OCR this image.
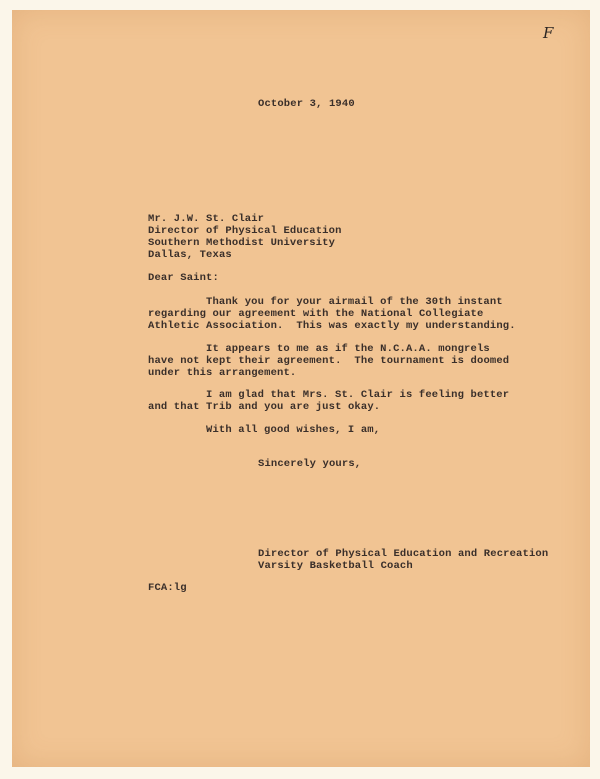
F
October 3, 1940
Mr. J.W. St. Clair
Director of Physical Education
Southern Methodist University
Dallas, Texas
Dear Saint:
Thank you for your airmail of the 30th instant
regarding our agreement with the National Collegiate
Athletic Association.  This was exactly my understanding.
It appears to me as if the N.C.A.A. mongrels
have not kept their agreement.  The tournament is doomed
under this arrangement.
I am glad that Mrs. St. Clair is feeling better
and that Trib and you are just okay.
With all good wishes, I am,
Sincerely yours,
Director of Physical Education and Recreation
Varsity Basketball Coach
FCA:lg
